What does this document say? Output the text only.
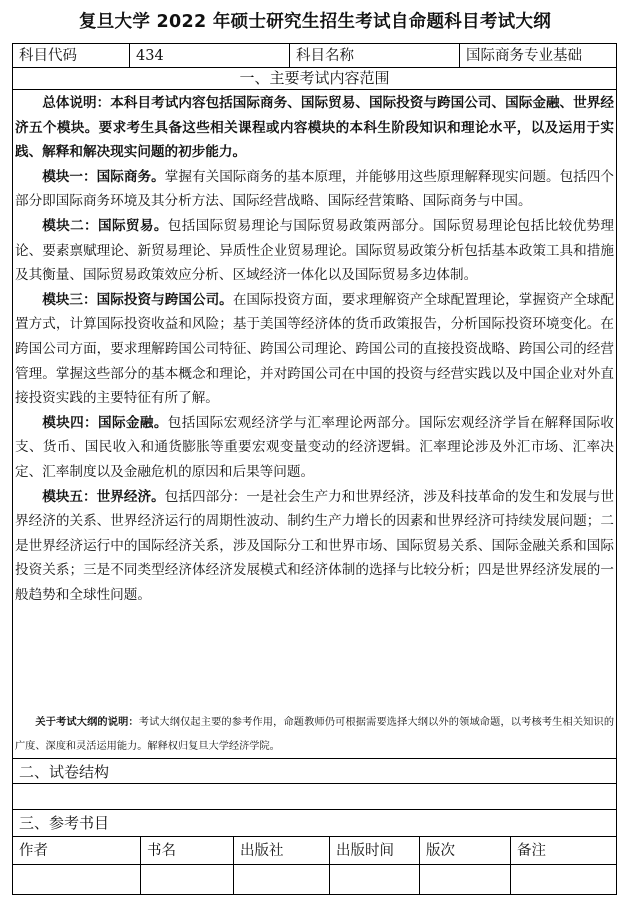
复旦大学 2022 年硕士研究生招生考试自命题科目考试大纲
科目代码	434	科目名称	国际商务专业基础
一、主要考试内容范围

总体说明：本科目考试内容包括国际商务、国际贸易、国际投资与跨国公司、国际金融、世界经济五个模块。要求考生具备这些相关课程或内容模块的本科生阶段知识和理论水平，以及运用于实践、解释和解决现实问题的初步能力。

模块一：国际商务。掌握有关国际商务的基本原理，并能够用这些原理解释现实问题。包括四个部分即国际商务环境及其分析方法、国际经营战略、国际经营策略、国际商务与中国。

模块二：国际贸易。包括国际贸易理论与国际贸易政策两部分。国际贸易理论包括比较优势理论、要素禀赋理论、新贸易理论、异质性企业贸易理论。国际贸易政策分析包括基本政策工具和措施及其衡量、国际贸易政策效应分析、区域经济一体化以及国际贸易多边体制。

模块三：国际投资与跨国公司。在国际投资方面，要求理解资产全球配置理论，掌握资产全球配置方式，计算国际投资收益和风险；基于美国等经济体的货币政策报告，分析国际投资环境变化。在跨国公司方面，要求理解跨国公司特征、跨国公司理论、跨国公司的直接投资战略、跨国公司的经营管理。掌握这些部分的基本概念和理论，并对跨国公司在中国的投资与经营实践以及中国企业对外直接投资实践的主要特征有所了解。

模块四：国际金融。包括国际宏观经济学与汇率理论两部分。国际宏观经济学旨在解释国际收支、货币、国民收入和通货膨胀等重要宏观变量变动的经济逻辑。汇率理论涉及外汇市场、汇率决定、汇率制度以及金融危机的原因和后果等问题。

模块五：世界经济。包括四部分：一是社会生产力和世界经济，涉及科技革命的发生和发展与世界经济的关系、世界经济运行的周期性波动、制约生产力增长的因素和世界经济可持续发展问题；二是世界经济运行中的国际经济关系，涉及国际分工和世界市场、国际贸易关系、国际金融关系和国际投资关系；三是不同类型经济体经济发展模式和经济体制的选择与比较分析；四是世界经济发展的一般趋势和全球性问题。

关于考试大纲的说明：考试大纲仅起主要的参考作用，命题教师仍可根据需要选择大纲以外的领域命题，以考核考生相关知识的广度、深度和灵活运用能力。解释权归复旦大学经济学院。

二、试卷结构
三、参考书目
作者	书名	出版社	出版时间	版次	备注
